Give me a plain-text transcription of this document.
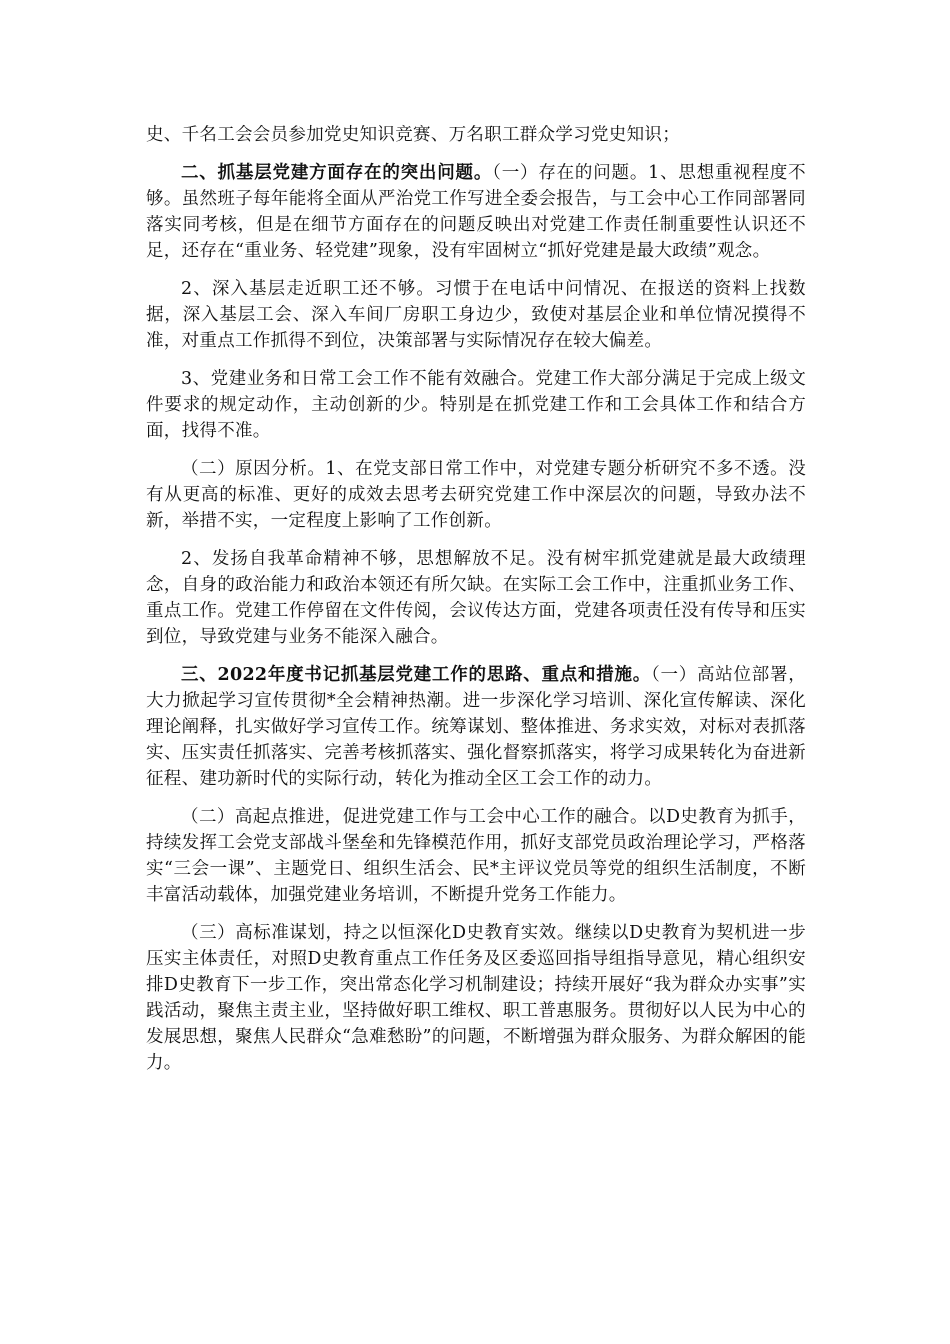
史、千名工会会员参加党史知识竞赛、万名职工群众学习党史知识；

二、抓基层党建方面存在的突出问题。（一）存在的问题。1、思想重视程度不够。虽然班子每年能将全面从严治党工作写进全委会报告，与工会中心工作同部署同落实同考核，但是在细节方面存在的问题反映出对党建工作责任制重要性认识还不足，还存在“重业务、轻党建”现象，没有牢固树立“抓好党建是最大政绩”观念。

2、深入基层走近职工还不够。习惯于在电话中问情况、在报送的资料上找数据，深入基层工会、深入车间厂房职工身边少，致使对基层企业和单位情况摸得不准，对重点工作抓得不到位，决策部署与实际情况存在较大偏差。

3、党建业务和日常工会工作不能有效融合。党建工作大部分满足于完成上级文件要求的规定动作，主动创新的少。特别是在抓党建工作和工会具体工作和结合方面，找得不准。

（二）原因分析。1、在党支部日常工作中，对党建专题分析研究不多不透。没有从更高的标准、更好的成效去思考去研究党建工作中深层次的问题，导致办法不新，举措不实，一定程度上影响了工作创新。

2、发扬自我革命精神不够，思想解放不足。没有树牢抓党建就是最大政绩理念，自身的政治能力和政治本领还有所欠缺。在实际工会工作中，注重抓业务工作、重点工作。党建工作停留在文件传阅，会议传达方面，党建各项责任没有传导和压实到位，导致党建与业务不能深入融合。

三、2022年度书记抓基层党建工作的思路、重点和措施。（一）高站位部署，大力掀起学习宣传贯彻*全会精神热潮。进一步深化学习培训、深化宣传解读、深化理论阐释，扎实做好学习宣传工作。统筹谋划、整体推进、务求实效，对标对表抓落实、压实责任抓落实、完善考核抓落实、强化督察抓落实，将学习成果转化为奋进新征程、建功新时代的实际行动，转化为推动全区工会工作的动力。

（二）高起点推进，促进党建工作与工会中心工作的融合。以D史教育为抓手，持续发挥工会党支部战斗堡垒和先锋模范作用，抓好支部党员政治理论学习，严格落实“三会一课”、主题党日、组织生活会、民*主评议党员等党的组织生活制度，不断丰富活动载体，加强党建业务培训，不断提升党务工作能力。

（三）高标准谋划，持之以恒深化D史教育实效。继续以D史教育为契机进一步压实主体责任，对照D史教育重点工作任务及区委巡回指导组指导意见，精心组织安排D史教育下一步工作，突出常态化学习机制建设；持续开展好“我为群众办实事”实践活动，聚焦主责主业，坚持做好职工维权、职工普惠服务。贯彻好以人民为中心的发展思想，聚焦人民群众“急难愁盼”的问题，不断增强为群众服务、为群众解困的能力。
